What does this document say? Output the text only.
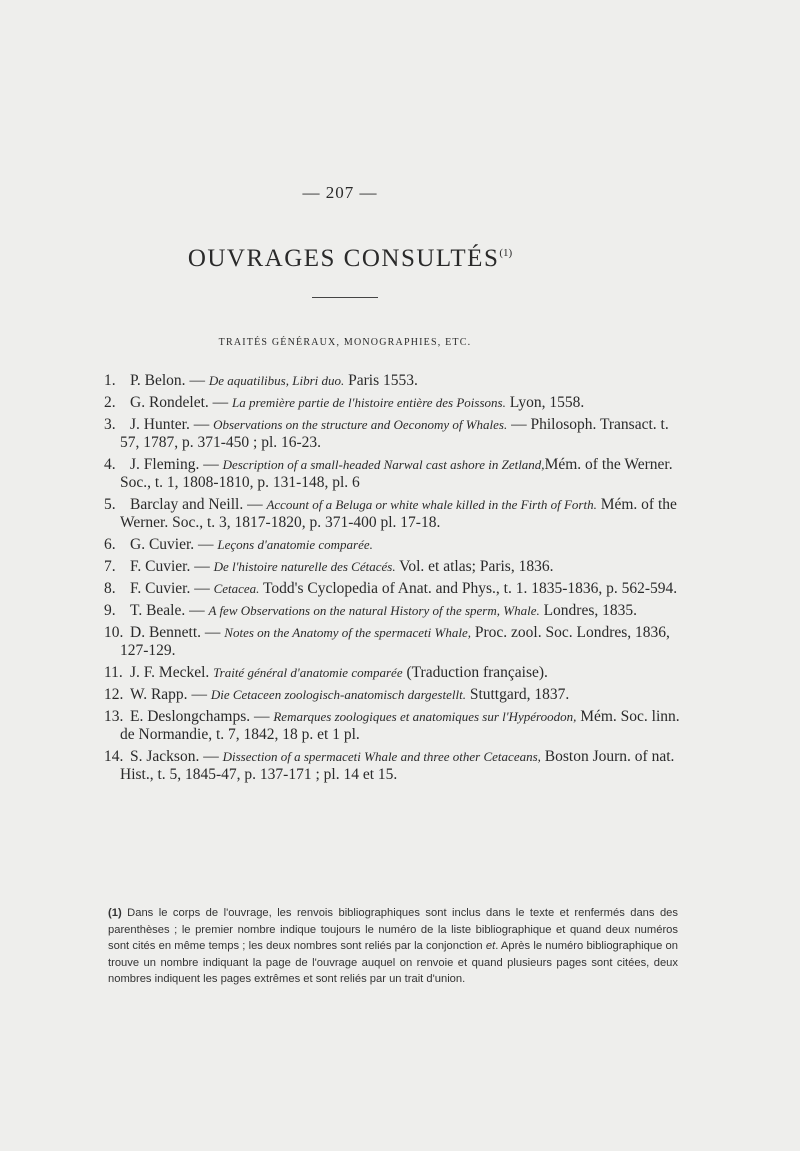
— 207 —
OUVRAGES CONSULTÉS$^{(1)}$
TRAITÉS GÉNÉRAUX, MONOGRAPHIES, ETC.
1. P. Belon. — De aquatilibus, Libri duo. Paris 1553.
2. G. Rondelet. — La première partie de l'histoire entière des Poissons. Lyon, 1558.
3. J. Hunter. — Observations on the structure and Oeconomy of Whales. — Philosoph. Transact. t. 57, 1787, p. 371-450 ; pl. 16-23.
4. J. Fleming. — Description of a small-headed Narwal cast ashore in Zetland,Mém. of the Werner. Soc., t. 1, 1808-1810, p. 131-148, pl. 6
5. Barclay and Neill. — Account of a Beluga or white whale killed in the Firth of Forth. Mém. of the Werner. Soc., t. 3, 1817-1820, p. 371-400 pl. 17-18.
6. G. Cuvier. — Leçons d'anatomie comparée.
7. F. Cuvier. — De l'histoire naturelle des Cétacés. Vol. et atlas; Paris, 1836.
8. F. Cuvier. — Cetacea. Todd's Cyclopedia of Anat. and Phys., t. 1. 1835-1836, p. 562-594.
9. T. Beale. — A few Observations on the natural History of the sperm, Whale. Londres, 1835.
10. D. Bennett. — Notes on the Anatomy of the spermaceti Whale, Proc. zool. Soc. Londres, 1836, 127-129.
11. J. F. Meckel. Traité général d'anatomie comparée (Traduction française).
12. W. Rapp. — Die Cetaceen zoologisch-anatomisch dargestellt. Stuttgard, 1837.
13. E. Deslongchamps. — Remarques zoologiques et anatomiques sur l'Hypéroodon, Mém. Soc. linn. de Normandie, t. 7, 1842, 18 p. et 1 pl.
14. S. Jackson. — Dissection of a spermaceti Whale and three other Cetaceans, Boston Journ. of nat. Hist., t. 5, 1845-47, p. 137-171 ; pl. 14 et 15.
(1) Dans le corps de l'ouvrage, les renvois bibliographiques sont inclus dans le texte et renfermés dans des parenthèses ; le premier nombre indique toujours le numéro de la liste bibliographique et quand deux numéros sont cités en même temps ; les deux nombres sont reliés par la conjonction et. Après le numéro bibliographique on trouve un nombre indiquant la page de l'ouvrage auquel on renvoie et quand plusieurs pages sont citées, deux nombres indiquent les pages extrêmes et sont reliés par un trait d'union.
